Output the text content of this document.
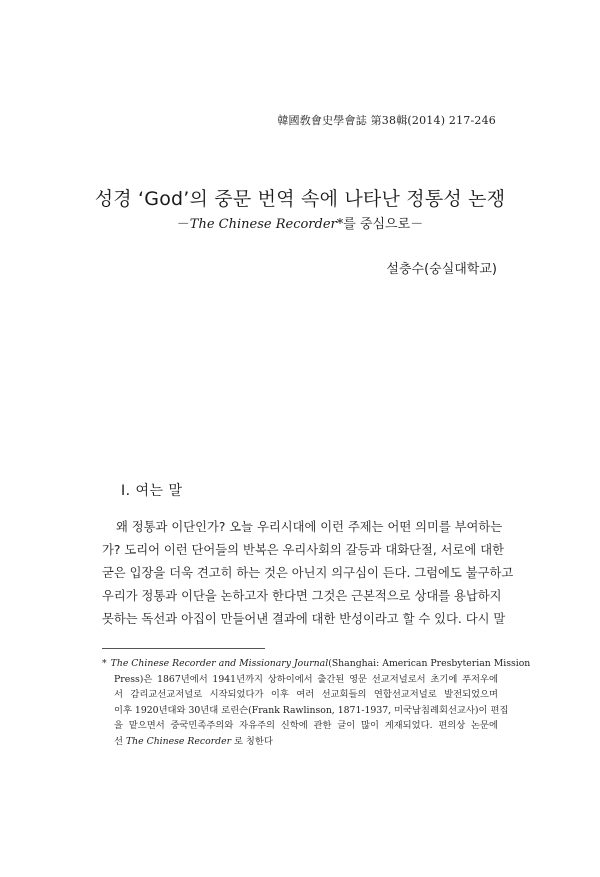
韓國敎會史學會誌 第38輯(2014) 217-246
성경 ‘God’의 중문 번역 속에 나타난 정통성 논쟁
－The Chinese Recorder*를 중심으로－
설충수(숭실대학교)
Ⅰ. 여는 말
왜 정통과 이단인가? 오늘 우리시대에 이런 주제는 어떤 의미를 부여하는
가? 도리어 이런 단어들의 반복은 우리사회의 갈등과 대화단절, 서로에 대한
굳은 입장을 더욱 견고히 하는 것은 아닌지 의구심이 든다. 그럼에도 불구하고
우리가 정통과 이단을 논하고자 한다면 그것은 근본적으로 상대를 용납하지
못하는 독선과 아집이 만들어낸 결과에 대한 반성이라고 할 수 있다. 다시 말
* The Chinese Recorder and Missionary Journal(Shanghai: American Presbyterian Mission
Press)은 1867년에서 1941년까지 상하이에서 출간된 영문 선교저널로서 초기에 푸저우에
서 감리교선교저널로 시작되었다가 이후 여러 선교회들의 연합선교저널로 발전되었으며
이후 1920년대와 30년대 로린슨(Frank Rawlinson, 1871-1937, 미국남침례회선교사)이 편집
을 맡으면서 중국민족주의와 자유주의 신학에 관한 글이 많이 게재되었다. 편의상 논문에
선 The Chinese Recorder 로 칭한다
